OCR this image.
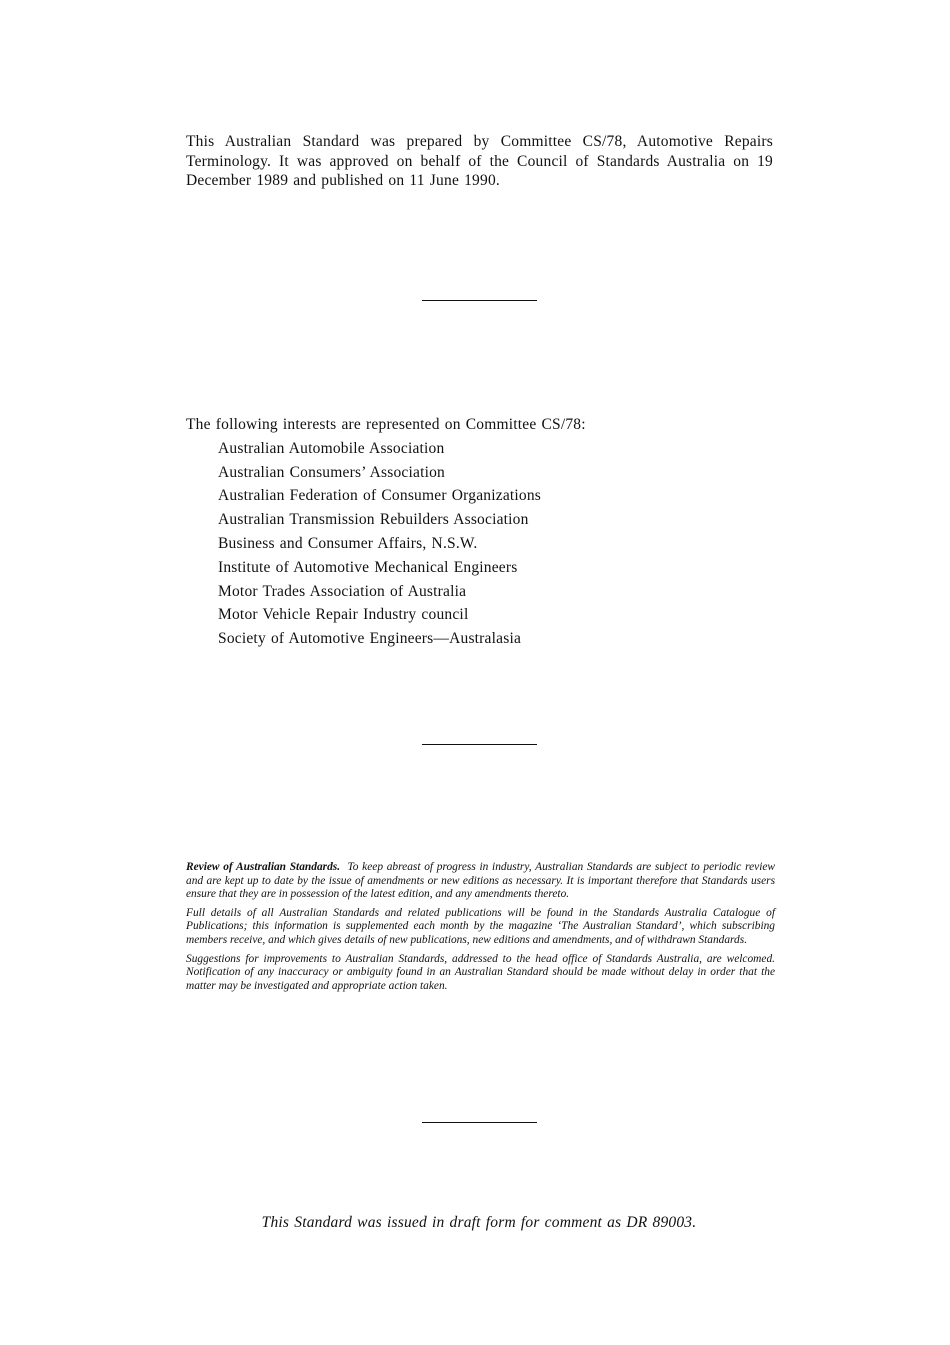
This Australian Standard was prepared by Committee CS/78, Automotive Repairs Terminology. It was approved on behalf of the Council of Standards Australia on 19 December 1989 and published on 11 June 1990.
The following interests are represented on Committee CS/78:
Australian Automobile Association
Australian Consumers’ Association
Australian Federation of Consumer Organizations
Australian Transmission Rebuilders Association
Business and Consumer Affairs, N.S.W.
Institute of Automotive Mechanical Engineers
Motor Trades Association of Australia
Motor Vehicle Repair Industry council
Society of Automotive Engineers—Australasia

Review of Australian Standards. To keep abreast of progress in industry, Australian Standards are subject to periodic review and are kept up to date by the issue of amendments or new editions as necessary. It is important therefore that Standards users ensure that they are in possession of the latest edition, and any amendments thereto.

Full details of all Australian Standards and related publications will be found in the Standards Australia Catalogue of Publications; this information is supplemented each month by the magazine ‘The Australian Standard’, which subscribing members receive, and which gives details of new publications, new editions and amendments, and of withdrawn Standards.

Suggestions for improvements to Australian Standards, addressed to the head office of Standards Australia, are welcomed. Notification of any inaccuracy or ambiguity found in an Australian Standard should be made without delay in order that the matter may be investigated and appropriate action taken.

This Standard was issued in draft form for comment as DR 89003.
